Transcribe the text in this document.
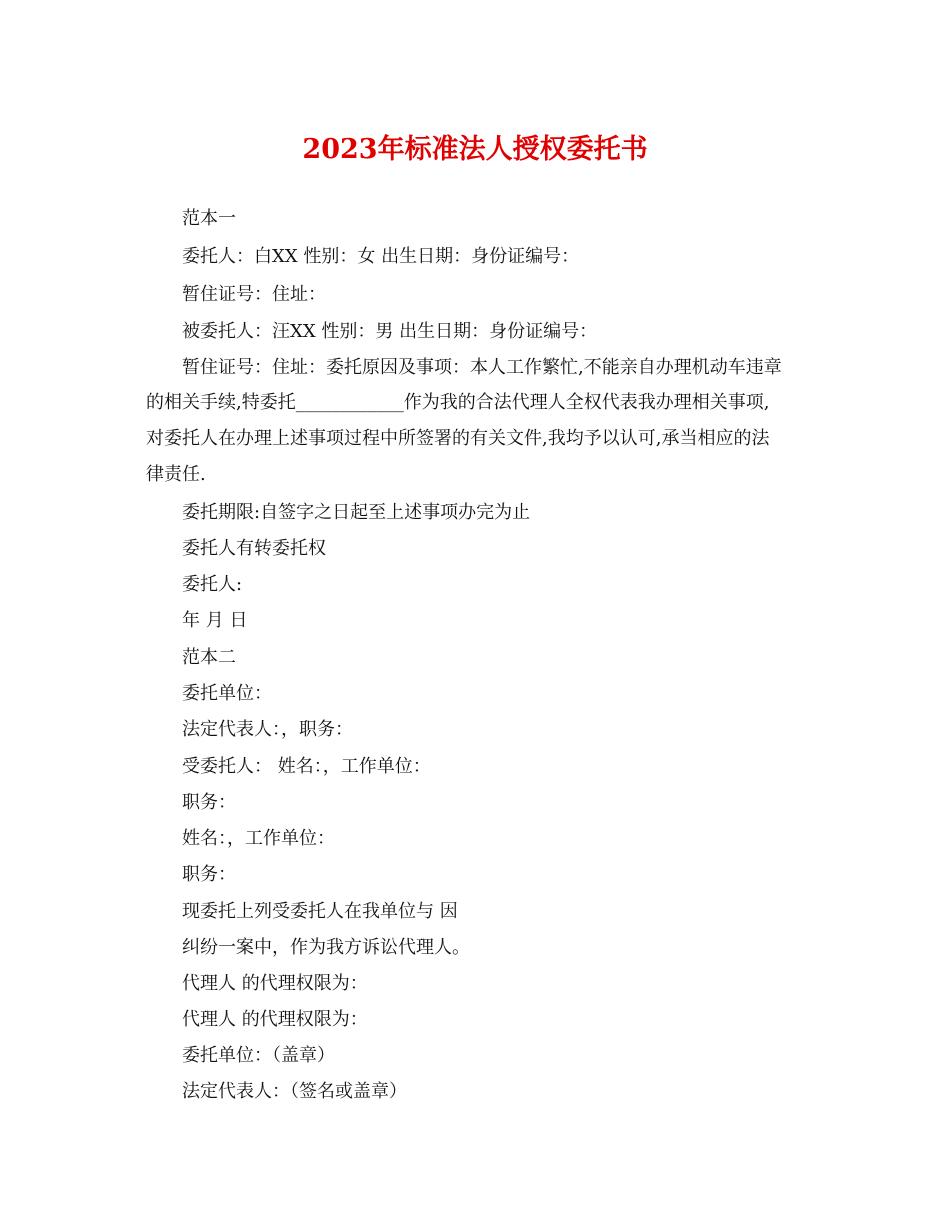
2023年标准法人授权委托书
范本一
委托人：白XX 性别：女 出生日期：身份证编号：
暂住证号：住址：
被委托人：汪XX 性别：男 出生日期：身份证编号：
暂住证号：住址：委托原因及事项：本人工作繁忙,不能亲自办理机动车违章
的相关手续,特委托____________作为我的合法代理人全权代表我办理相关事项,
对委托人在办理上述事项过程中所签署的有关文件,我均予以认可,承当相应的法
律责任.
委托期限:自签字之日起至上述事项办完为止
委托人有转委托权
委托人:
年 月 日
范本二
委托单位：
法定代表人：，职务：
受委托人： 姓名：，工作单位：
职务：
姓名：，工作单位：
职务：
现委托上列受委托人在我单位与 因
纠纷一案中，作为我方诉讼代理人。
代理人 的代理权限为：
代理人 的代理权限为：
委托单位：（盖章）
法定代表人：（签名或盖章）
